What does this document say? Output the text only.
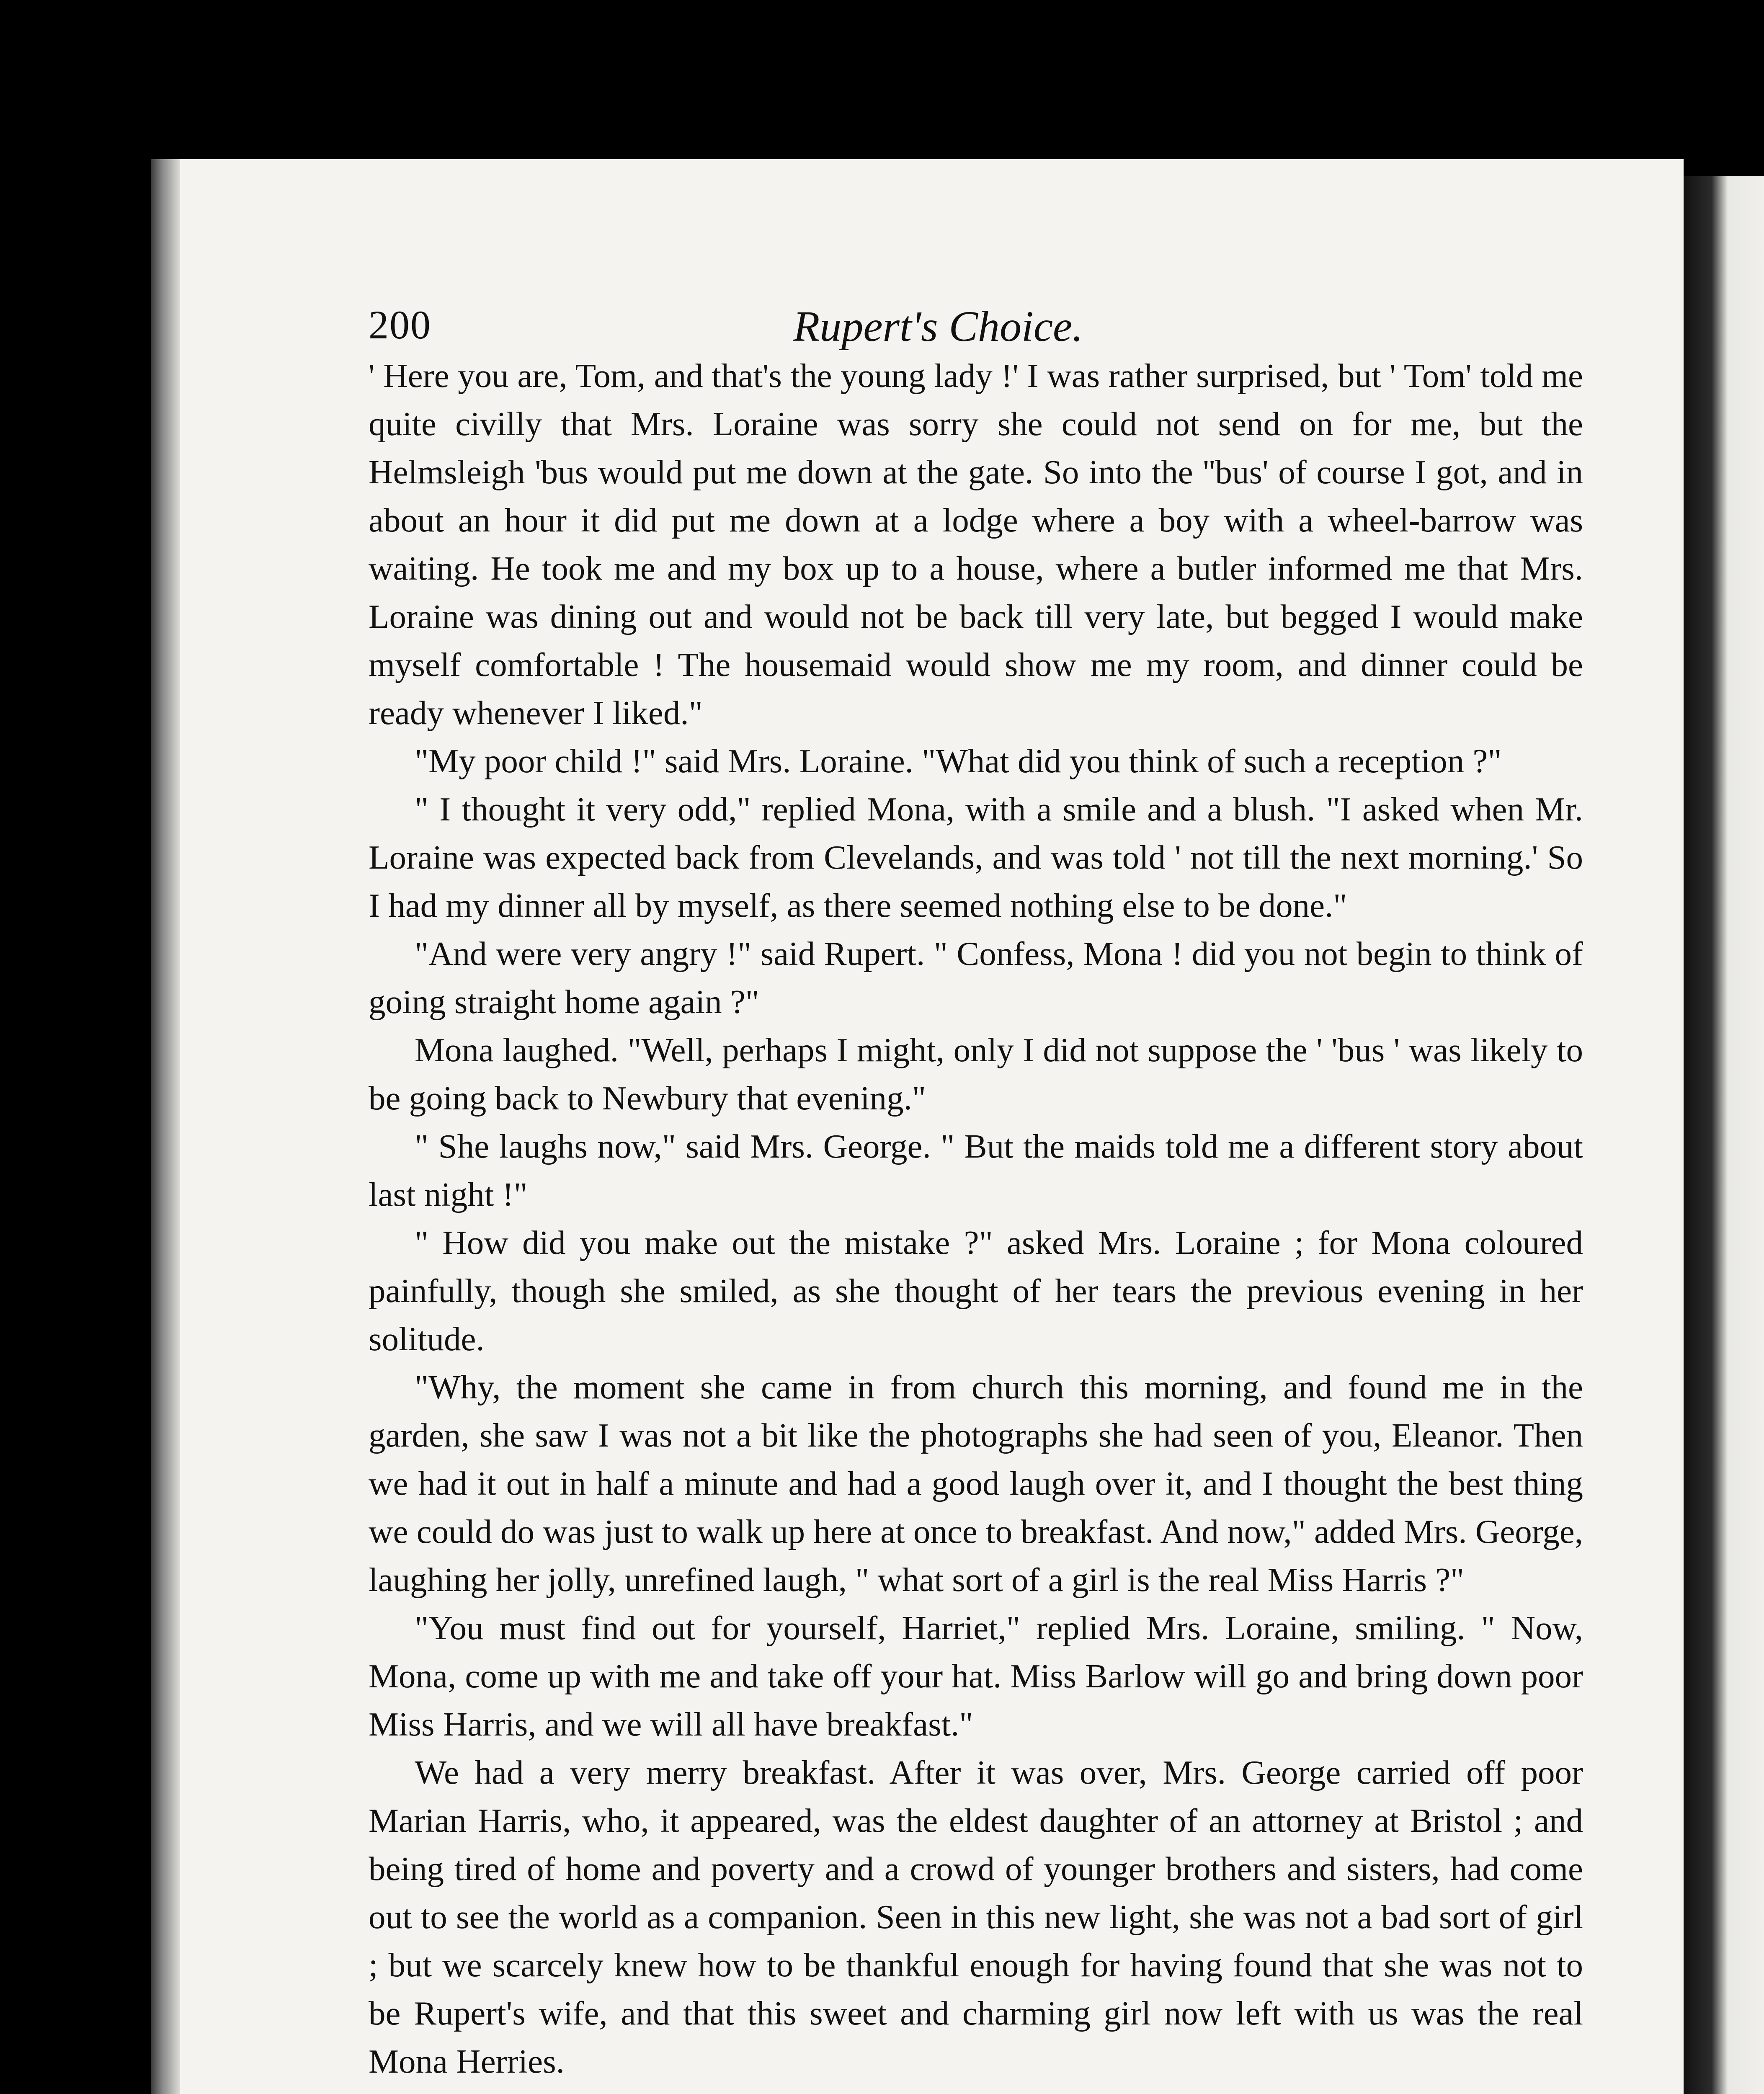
200	Rupert's Choice.

' Here you are, Tom, and that's the young lady !' I was rather surprised, but ' Tom' told me quite civilly that Mrs. Loraine was sorry she could not send on for me, but the Helmsleigh 'bus would put me down at the gate. So into the ''bus' of course I got, and in about an hour it did put me down at a lodge where a boy with a wheel-barrow was waiting. He took me and my box up to a house, where a butler informed me that Mrs. Loraine was dining out and would not be back till very late, but begged I would make myself comfortable ! The housemaid would show me my room, and dinner could be ready whenever I liked."

"My poor child !" said Mrs. Loraine. "What did you think of such a reception ?"

" I thought it very odd," replied Mona, with a smile and a blush. "I asked when Mr. Loraine was expected back from Clevelands, and was told ' not till the next morning.' So I had my dinner all by myself, as there seemed nothing else to be done."

"And were very angry !" said Rupert. " Confess, Mona ! did you not begin to think of going straight home again ?"

Mona laughed. "Well, perhaps I might, only I did not suppose the ' 'bus ' was likely to be going back to Newbury that evening."

" She laughs now," said Mrs. George. " But the maids told me a different story about last night !"

" How did you make out the mistake ?" asked Mrs. Loraine ; for Mona coloured painfully, though she smiled, as she thought of her tears the previous evening in her solitude.

"Why, the moment she came in from church this morning, and found me in the garden, she saw I was not a bit like the photographs she had seen of you, Eleanor. Then we had it out in half a minute and had a good laugh over it, and I thought the best thing we could do was just to walk up here at once to breakfast. And now," added Mrs. George, laughing her jolly, unrefined laugh, " what sort of a girl is the real Miss Harris ?"

"You must find out for yourself, Harriet," replied Mrs. Loraine, smiling. " Now, Mona, come up with me and take off your hat. Miss Barlow will go and bring down poor Miss Harris, and we will all have breakfast."

We had a very merry breakfast. After it was over, Mrs. George carried off poor Marian Harris, who, it appeared, was the eldest daughter of an attorney at Bristol ; and being tired of home and poverty and a crowd of younger brothers and sisters, had come out to see the world as a companion. Seen in this new light, she was not a bad sort of girl ; but we scarcely knew how to be thankful enough for having found that she was not to be Rupert's wife, and that this sweet and charming girl now left with us was the real Mona Herries.
